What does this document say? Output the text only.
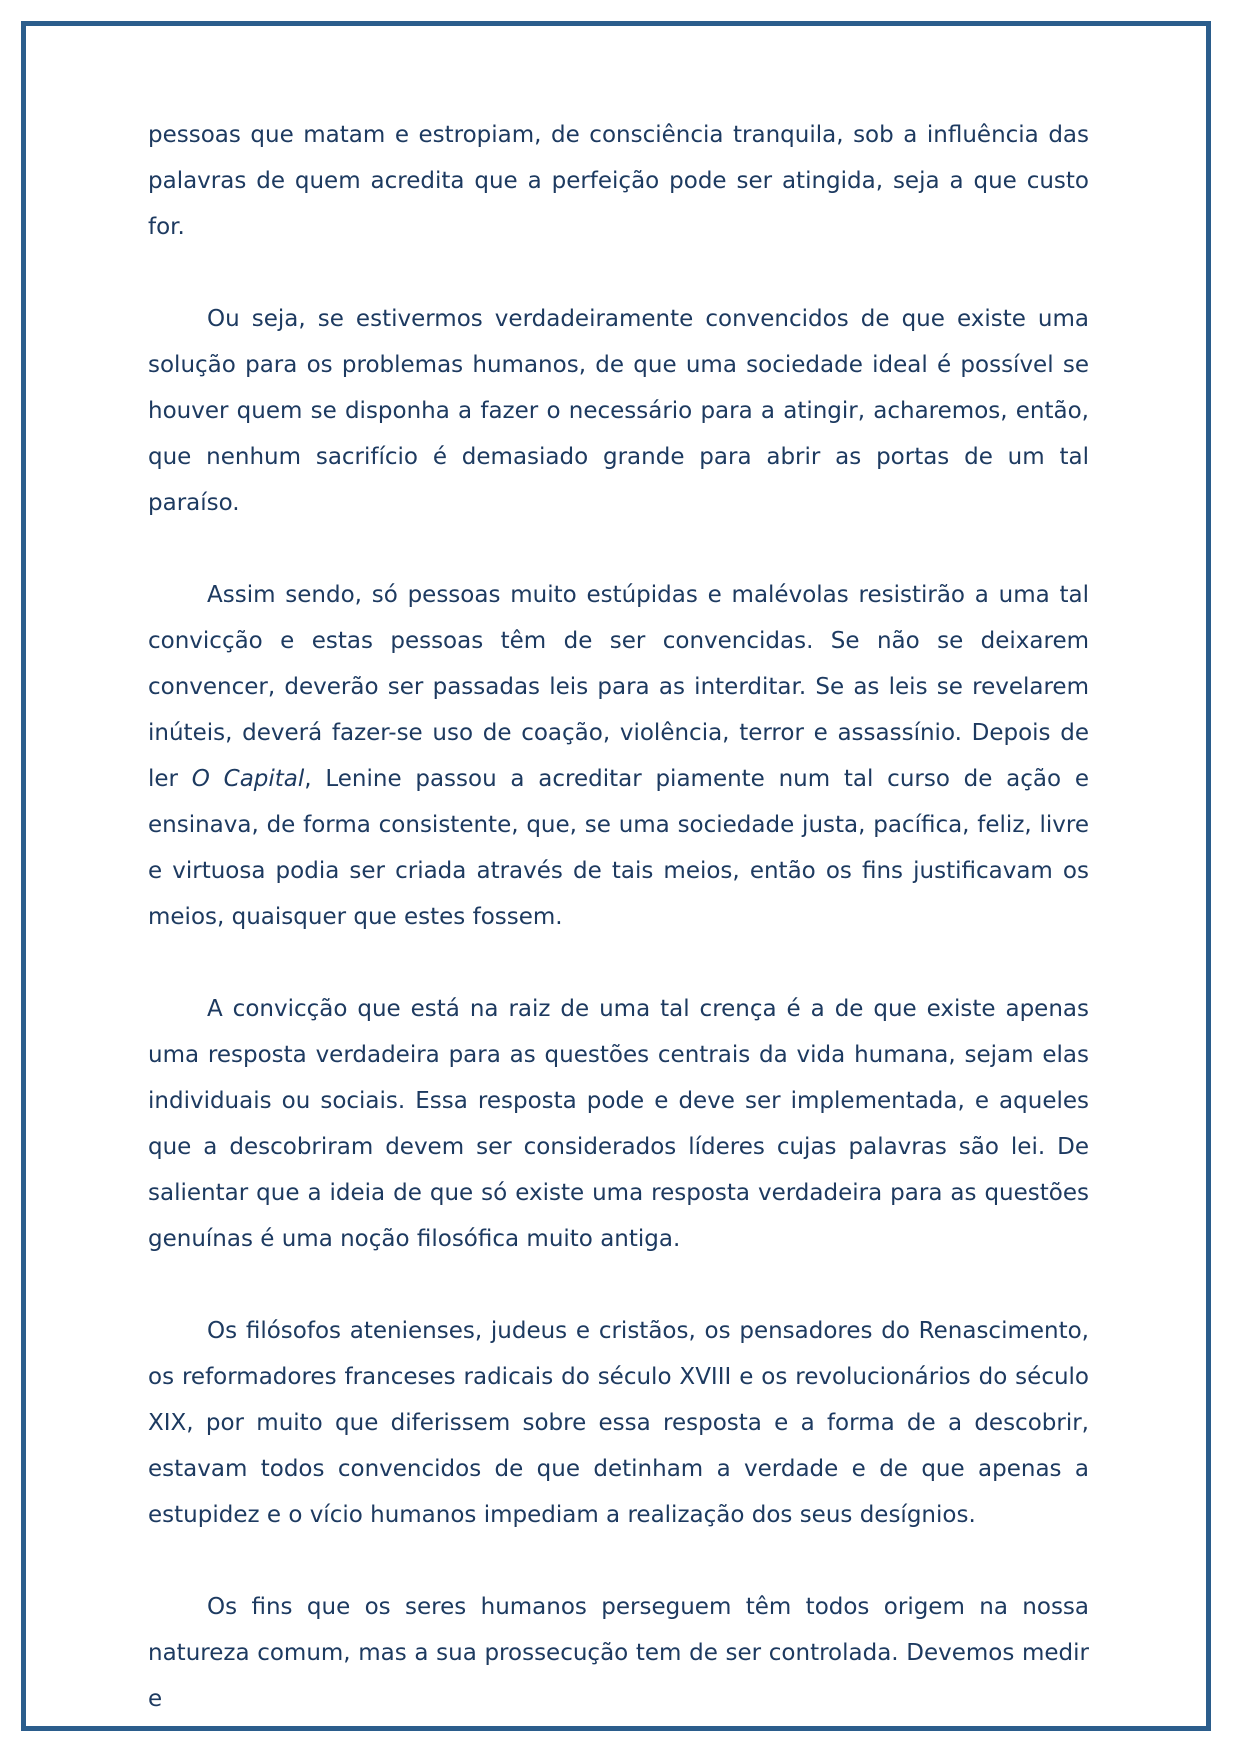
pessoas que matam e estropiam, de consciência tranquila, sob a influência das palavras de quem acredita que a perfeição pode ser atingida, seja a que custo for.

Ou seja, se estivermos verdadeiramente convencidos de que existe uma solução para os problemas humanos, de que uma sociedade ideal é possível se houver quem se disponha a fazer o necessário para a atingir, acharemos, então, que nenhum sacrifício é demasiado grande para abrir as portas de um tal paraíso.

Assim sendo, só pessoas muito estúpidas e malévolas resistirão a uma tal convicção e estas pessoas têm de ser convencidas. Se não se deixarem convencer, deverão ser passadas leis para as interditar. Se as leis se revelarem inúteis, deverá fazer-se uso de coação, violência, terror e assassínio. Depois de ler O Capital, Lenine passou a acreditar piamente num tal curso de ação e ensinava, de forma consistente, que, se uma sociedade justa, pacífica, feliz, livre e virtuosa podia ser criada através de tais meios, então os fins justificavam os meios, quaisquer que estes fossem.

A convicção que está na raiz de uma tal crença é a de que existe apenas uma resposta verdadeira para as questões centrais da vida humana, sejam elas individuais ou sociais. Essa resposta pode e deve ser implementada, e aqueles que a descobriram devem ser considerados líderes cujas palavras são lei. De salientar que a ideia de que só existe uma resposta verdadeira para as questões genuínas é uma noção filosófica muito antiga.

Os filósofos atenienses, judeus e cristãos, os pensadores do Renascimento, os reformadores franceses radicais do século XVIII e os revolucionários do século XIX, por muito que diferissem sobre essa resposta e a forma de a descobrir, estavam todos convencidos de que detinham a verdade e de que apenas a estupidez e o vício humanos impediam a realização dos seus desígnios.

Os fins que os seres humanos perseguem têm todos origem na nossa natureza comum, mas a sua prossecução tem de ser controlada. Devemos medir e
